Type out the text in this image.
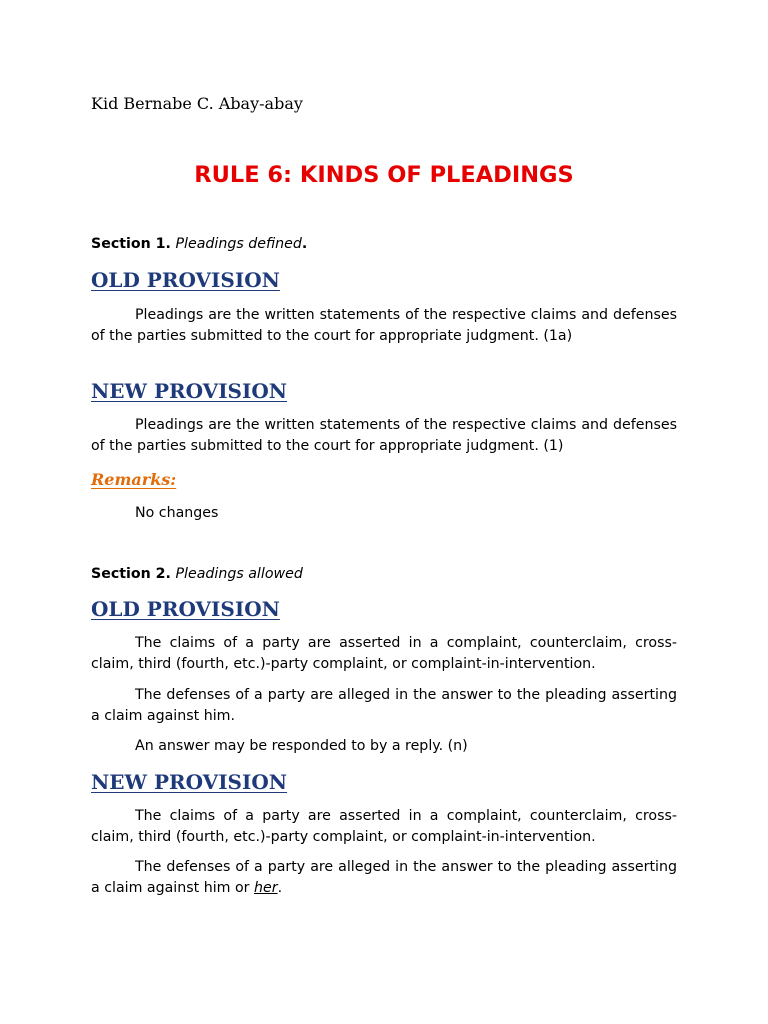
Kid Bernabe C. Abay-abay

RULE 6: KINDS OF PLEADINGS

Section 1. Pleadings defined.

OLD PROVISION

Pleadings are the written statements of the respective claims and defenses of the parties submitted to the court for appropriate judgment. (1a)

NEW PROVISION

Pleadings are the written statements of the respective claims and defenses of the parties submitted to the court for appropriate judgment. (1)

Remarks:

No changes

Section 2. Pleadings allowed

OLD PROVISION

The claims of a party are asserted in a complaint, counterclaim, cross-claim, third (fourth, etc.)-party complaint, or complaint-in-intervention.

The defenses of a party are alleged in the answer to the pleading asserting a claim against him.

An answer may be responded to by a reply. (n)

NEW PROVISION

The claims of a party are asserted in a complaint, counterclaim, cross-claim, third (fourth, etc.)-party complaint, or complaint-in-intervention.

The defenses of a party are alleged in the answer to the pleading asserting a claim against him or her.
